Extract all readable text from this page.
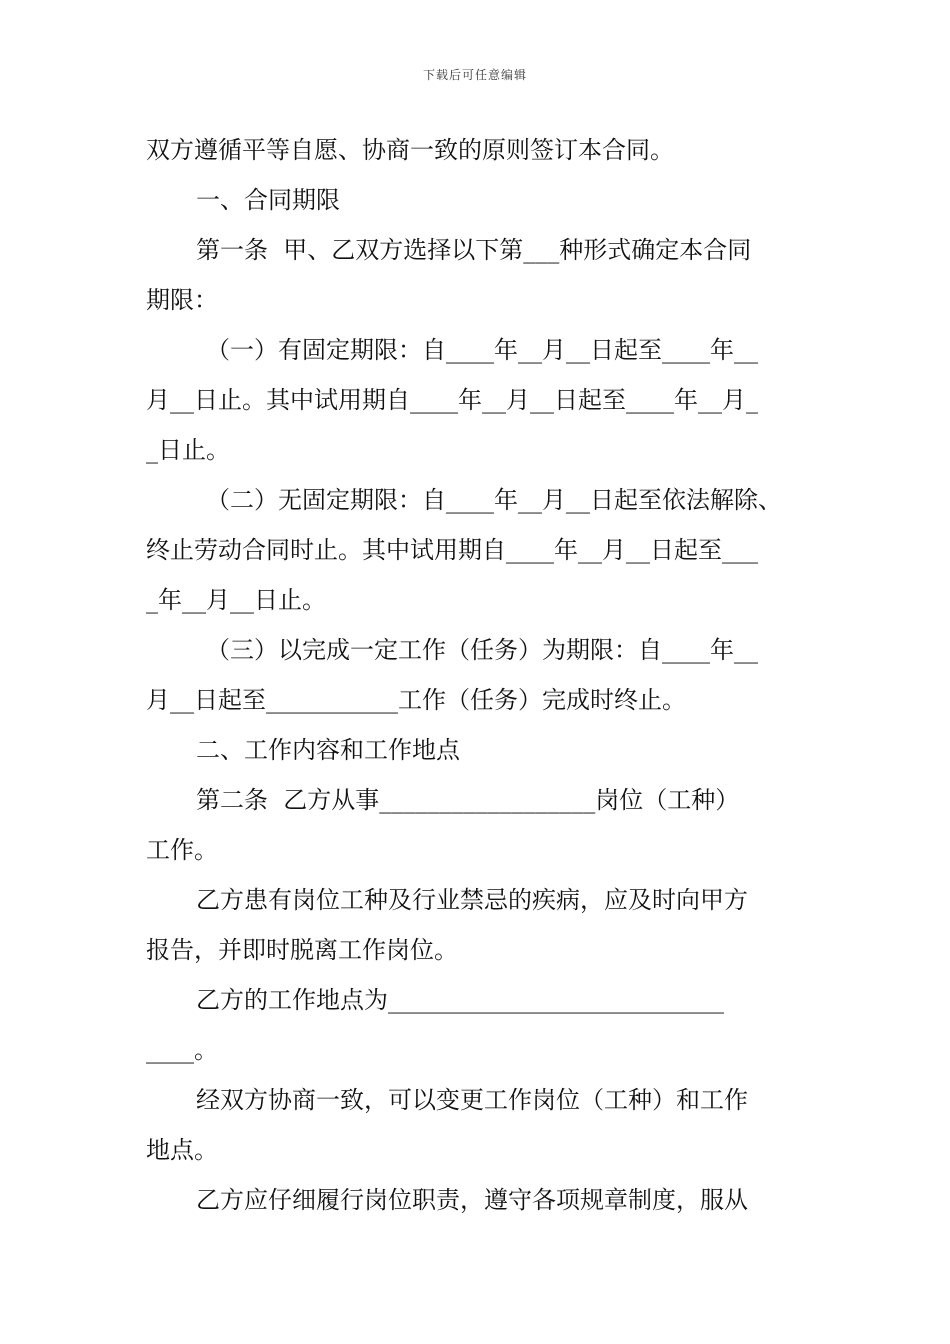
下载后可任意编辑
双方遵循平等自愿、协商一致的原则签订本合同。
一、合同期限
第一条  甲、乙双方选择以下第___种形式确定本合同
期限：
（一）有固定期限：自____年__月__日起至____年__
月__日止。其中试用期自____年__月__日起至____年__月_
_日止。
（二）无固定期限：自____年__月__日起至依法解除、
终止劳动合同时止。其中试用期自____年__月__日起至___
_年__月__日止。
（三）以完成一定工作（任务）为期限：自____年__
月__日起至___________工作（任务）完成时终止。
二、工作内容和工作地点
第二条  乙方从事__________________岗位（工种）
工作。
乙方患有岗位工种及行业禁忌的疾病，应及时向甲方
报告，并即时脱离工作岗位。
乙方的工作地点为____________________________
____。
经双方协商一致，可以变更工作岗位（工种）和工作
地点。
乙方应仔细履行岗位职责，遵守各项规章制度，服从
